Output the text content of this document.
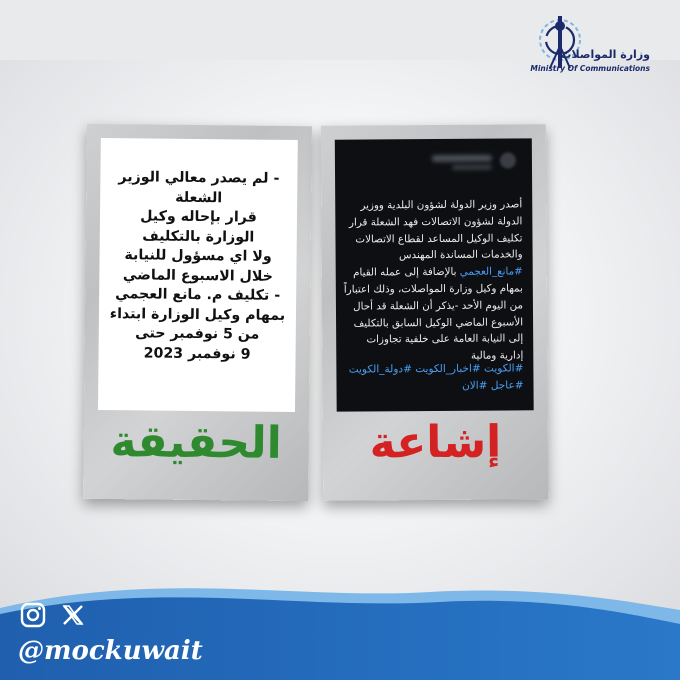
وزارة المواصلات
Ministry Of Communications
- لم يصدر معالي الوزير الشعلة
قرار بإحاله وكيل
الوزارة بالتكليف
ولا اي مسؤول للنيابة
خلال الاسبوع الماضي
- تكليف م. مانع العجمي
بمهام وكيل الوزارة ابتداء
من 5 نوفمبر حتى
9 نوفمبر 2023
الحقيقة
أصدر وزير الدولة لشؤون البلدية ووزير الدولة لشؤون الاتصالات فهد الشعلة قرار تكليف الوكيل المساعد لقطاع الاتصالات والخدمات المساندة المهندس #مانع_العجمي بالإضافة إلى عمله القيام بمهام وكيل وزارة المواصلات، وذلك اعتباراً من اليوم الأحد -يذكر أن الشعلة قد أحال الأسبوع الماضي الوكيل السابق بالتكليف إلى النيابة العامة على خلفية تجاوزات إدارية ومالية
#الكويت #اخبار_الكويت #دولة_الكويت #عاجل #الان
إشاعة
@mockuwait
